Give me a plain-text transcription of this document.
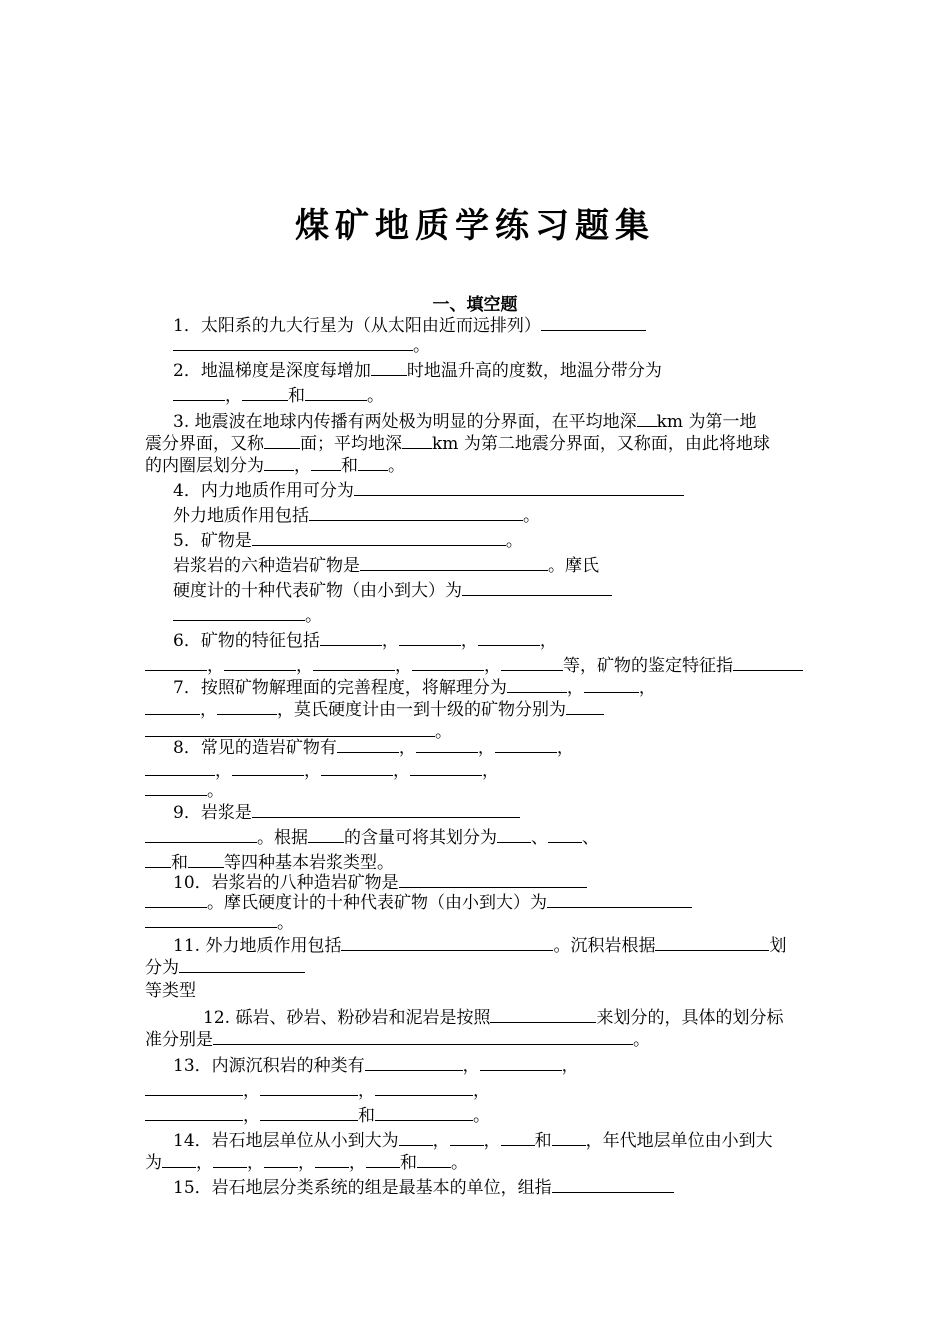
煤矿地质学练习题集
一、填空题
1．太阳系的九大行星为（从太阳由近而远排列）
。
2．地温梯度是深度每增加 时地温升高的度数，地温分带分为
，	和	。
3. 地震波在地球内传播有两处极为明显的分界面，在平均地深 km 为第一地
震分界面，又称 面；平均地深 km 为第二地震分界面，又称面，由此将地球
的内圈层划分为 ， 和 。
4．内力地质作用可分为
外力地质作用包括	。
5．矿物是	。
岩浆岩的六种造岩矿物是	。摩氏
硬度计的十种代表矿物（由小到大）为
。
6．矿物的特征包括	，	，	，
，	，	，	，	等，矿物的鉴定特征指
7．按照矿物解理面的完善程度，将解理分为	，	，
，	，莫氏硬度计由一到十级的矿物分别为
。
8．常见的造岩矿物有	，	，	，
，	，	，	，
。
9．岩浆是
。根据 的含量可将其划分为 、 、
和 等四种基本岩浆类型。
10．岩浆岩的八种造岩矿物是
。摩氏硬度计的十种代表矿物（由小到大）为
。
11. 外力地质作用包括	。沉积岩根据	划
分为
等类型
12. 砾岩、砂岩、粉砂岩和泥岩是按照	来划分的，具体的划分标
准分别是	。
13．内源沉积岩的种类有	，	，
，	，	，
，	和	。
14．岩石地层单位从小到大为 ， ， 和 ，年代地层单位由小到大
为 ， ， ， ， 和 。
15．岩石地层分类系统的组是最基本的单位，组指
